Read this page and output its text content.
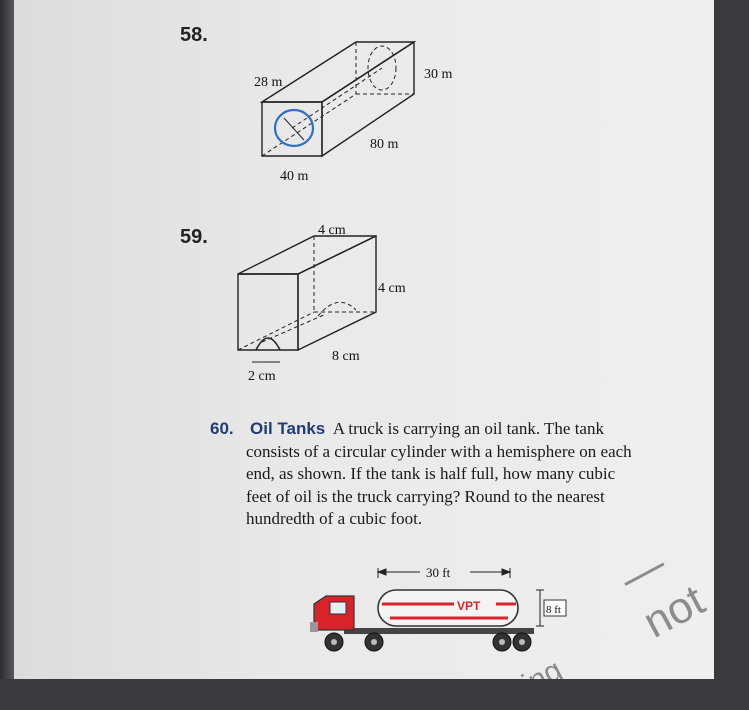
58.
28 m
30 m
80 m
40 m
59.	4 cm
4 cm
8 cm
2 cm
60. Oil Tanks A truck is carrying an oil tank. The tank

consists of a circular cylinder with a hemisphere on each

end, as shown. If the tank is half full, how many cubic

feet of oil is the truck carrying? Round to the nearest

hundredth of a cubic foot.

30 ft
VPT	8 ft
— not
ning
